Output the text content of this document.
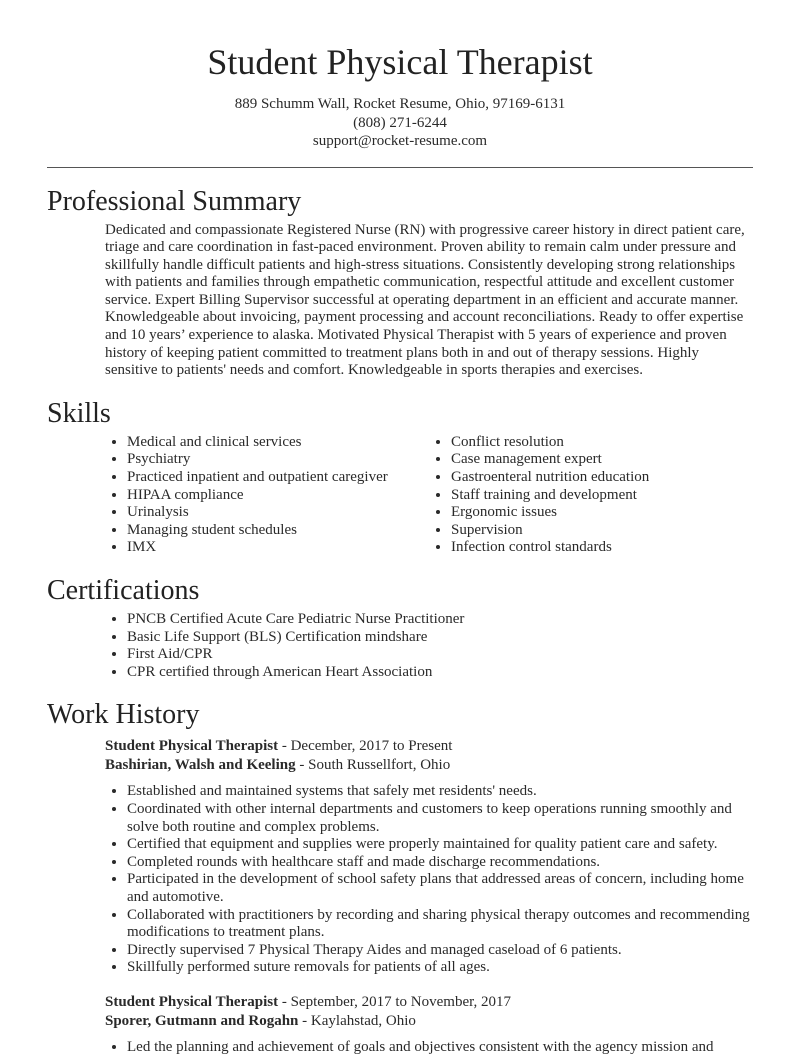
Student Physical Therapist
889 Schumm Wall, Rocket Resume, Ohio, 97169-6131
(808) 271-6244
support@rocket-resume.com
Professional Summary
Dedicated and compassionate Registered Nurse (RN) with progressive career history in direct patient care, triage and care coordination in fast-paced environment. Proven ability to remain calm under pressure and skillfully handle difficult patients and high-stress situations. Consistently developing strong relationships with patients and families through empathetic communication, respectful attitude and excellent customer service. Expert Billing Supervisor successful at operating department in an efficient and accurate manner. Knowledgeable about invoicing, payment processing and account reconciliations. Ready to offer expertise and 10 years’ experience to alaska. Motivated Physical Therapist with 5 years of experience and proven history of keeping patient committed to treatment plans both in and out of therapy sessions. Highly sensitive to patients' needs and comfort. Knowledgeable in sports therapies and exercises.
Skills
• Medical and clinical services
• Psychiatry
• Practiced inpatient and outpatient caregiver
• HIPAA compliance
• Urinalysis
• Managing student schedules
• IMX
• Conflict resolution
• Case management expert
• Gastroenteral nutrition education
• Staff training and development
• Ergonomic issues
• Supervision
• Infection control standards
Certifications
• PNCB Certified Acute Care Pediatric Nurse Practitioner
• Basic Life Support (BLS) Certification mindshare
• First Aid/CPR
• CPR certified through American Heart Association
Work History
Student Physical Therapist - December, 2017 to Present
Bashirian, Walsh and Keeling - South Russellfort, Ohio
• Established and maintained systems that safely met residents' needs.
• Coordinated with other internal departments and customers to keep operations running smoothly and solve both routine and complex problems.
• Certified that equipment and supplies were properly maintained for quality patient care and safety.
• Completed rounds with healthcare staff and made discharge recommendations.
• Participated in the development of school safety plans that addressed areas of concern, including home and automotive.
• Collaborated with practitioners by recording and sharing physical therapy outcomes and recommending modifications to treatment plans.
• Directly supervised 7 Physical Therapy Aides and managed caseload of 6 patients.
• Skillfully performed suture removals for patients of all ages.
Student Physical Therapist - September, 2017 to November, 2017
Sporer, Gutmann and Rogahn - Kaylahstad, Ohio
• Led the planning and achievement of goals and objectives consistent with the agency mission and
